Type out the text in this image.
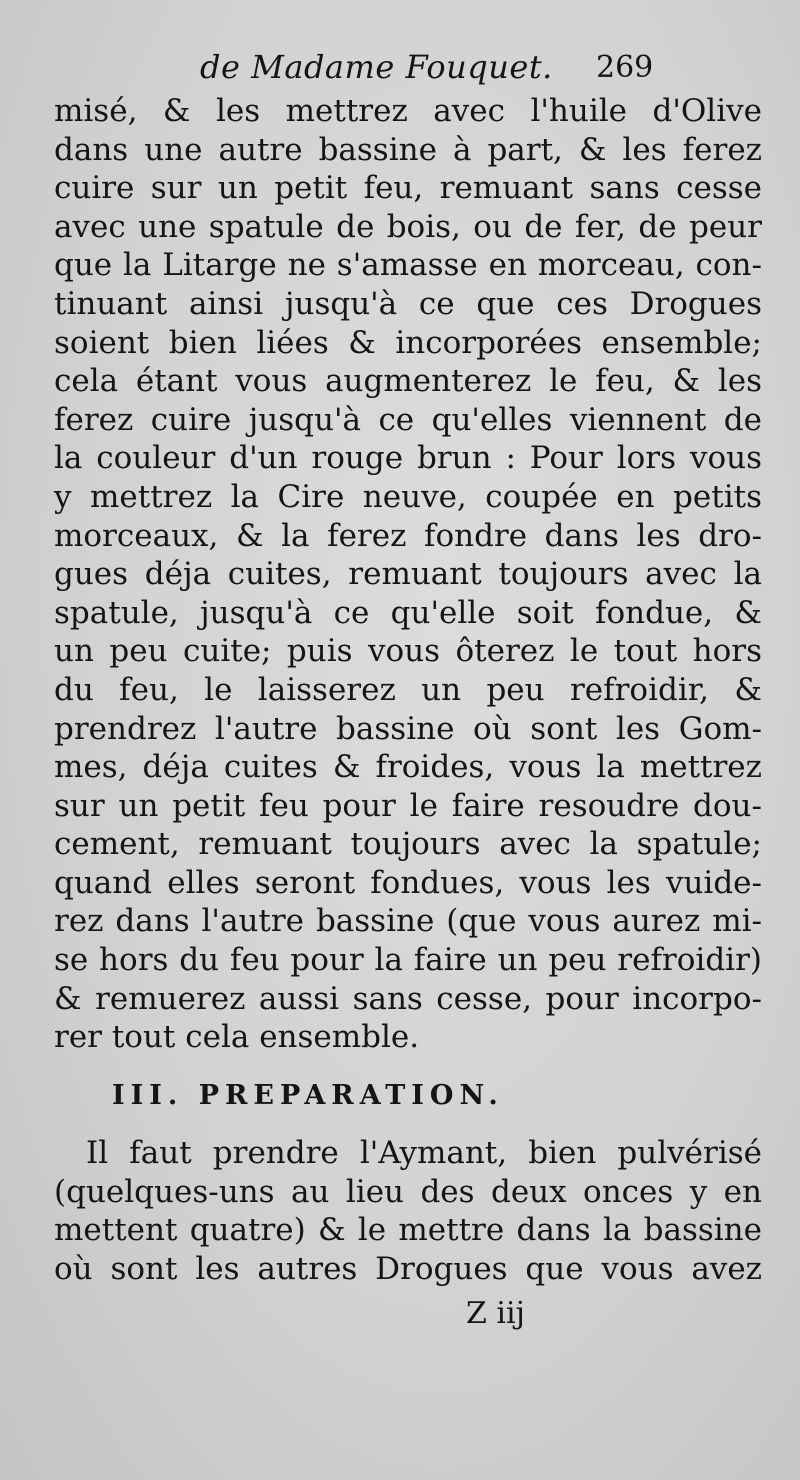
de Madame Fouquet. 269
misé, & les mettrez avec l'huile d'Olive
dans une autre bassine à part, & les ferez
cuire sur un petit feu, remuant sans cesse
avec une spatule de bois, ou de fer, de peur
que la Litarge ne s'amasse en morceau, con-
tinuant ainsi jusqu'à ce que ces Drogues
soient bien liées & incorporées ensemble;
cela étant vous augmenterez le feu, & les
ferez cuire jusqu'à ce qu'elles viennent de
la couleur d'un rouge brun : Pour lors vous
y mettrez la Cire neuve, coupée en petits
morceaux, & la ferez fondre dans les dro-
gues déja cuites, remuant toujours avec la
spatule, jusqu'à ce qu'elle soit fondue, &
un peu cuite; puis vous ôterez le tout hors
du feu, le laisserez un peu refroidir, &
prendrez l'autre bassine où sont les Gom-
mes, déja cuites & froides, vous la mettrez
sur un petit feu pour le faire resoudre dou-
cement, remuant toujours avec la spatule;
quand elles seront fondues, vous les vuide-
rez dans l'autre bassine (que vous aurez mi-
se hors du feu pour la faire un peu refroidir)
& remuerez aussi sans cesse, pour incorpo-
rer tout cela ensemble.
III. PREPARATION.
Il faut prendre l'Aymant, bien pulvérisé
(quelques-uns au lieu des deux onces y en
mettent quatre) & le mettre dans la bassine
où sont les autres Drogues que vous avez
Z iij
